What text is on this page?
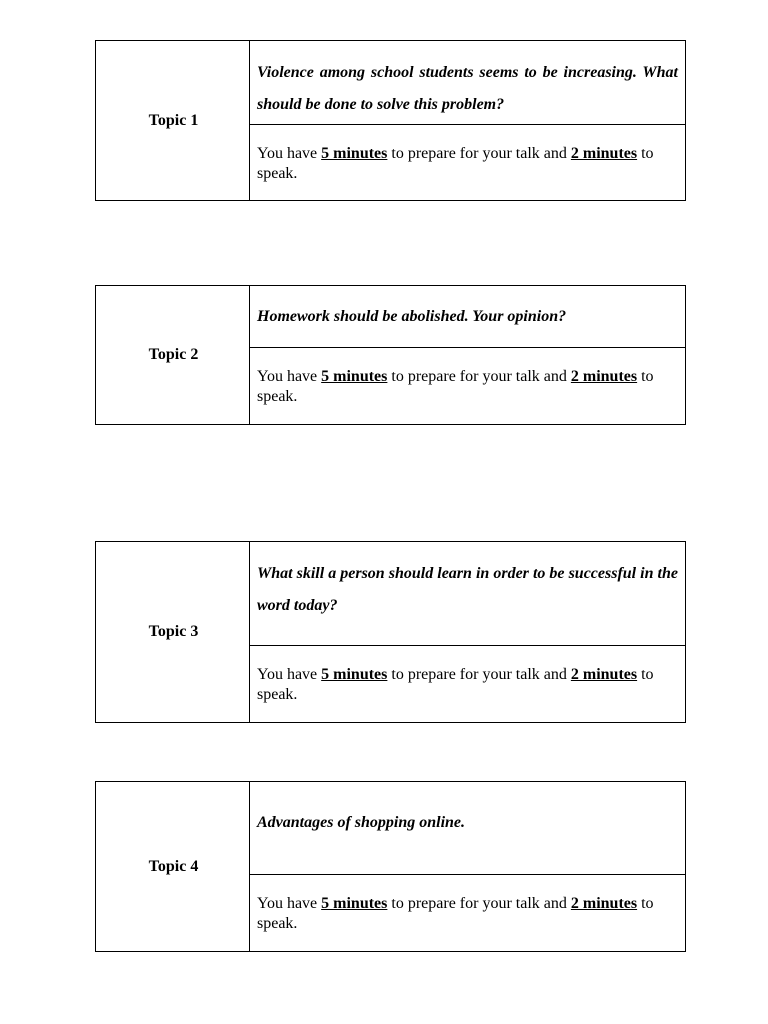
Topic 1
Violence among school students seems to be increasing. What should be done to solve this problem?
You have 5 minutes to prepare for your talk and 2 minutes to speak.
Topic 2
Homework should be abolished. Your opinion?
You have 5 minutes to prepare for your talk and 2 minutes to speak.
Topic 3
What skill a person should learn in order to be successful in the word today?
You have 5 minutes to prepare for your talk and 2 minutes to speak.
Topic 4
Advantages of shopping online.
You have 5 minutes to prepare for your talk and 2 minutes to speak.
